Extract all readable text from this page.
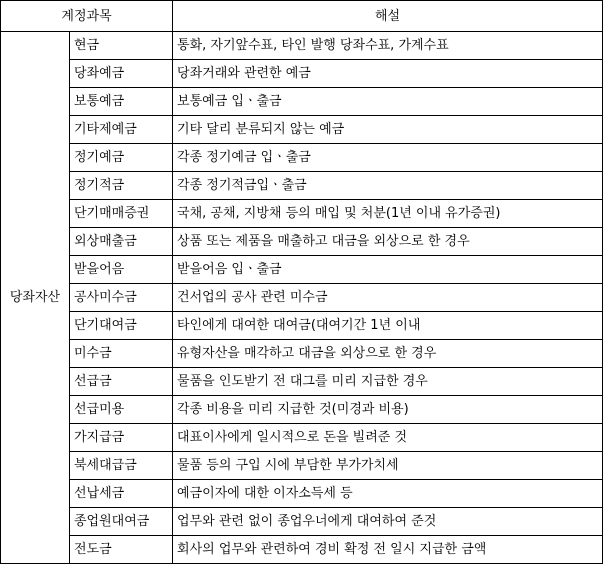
계정과목		해설
당좌자산	현금	통화, 자기앞수표, 타인 발행 당좌수표, 가계수표
	당좌예금	당좌거래와 관련한 예금
	보통예금	보통예금 입ㆍ출금
	기타제예금	기타 달리 분류되지 않는 예금
	정기예금	각종 정기예금 입ㆍ출금
	정기적금	각종 정기적금입ㆍ출금
	단기매매증권	국채, 공채, 지방채 등의 매입 및 처분(1년 이내 유가증권)
	외상매출금	상품 또는 제품을 매출하고 대금을 외상으로 한 경우
	받을어음	받을어음 입ㆍ출금
	공사미수금	건서업의 공사 관련 미수금
	단기대여금	타인에게 대여한 대여금(대여기간 1년 이내
	미수금	유형자산을 매각하고 대금을 외상으로 한 경우
	선급금	물품을 인도받기 전 대그를 미리 지급한 경우
	선급미용	각종 비용을 미리 지급한 것(미경과 비용)
	가지급금	대표이사에게 일시적으로 돈을 빌려준 것
	북세대급금	물품 등의 구입 시에 부담한 부가가치세
	선납세금	예금이자에 대한 이자소득세 등
	종업원대여금	업무와 관련 없이 종업우너에게 대여하여 준것
	전도금	회사의 업무와 관련하여 경비 확정 전 일시 지급한 금액
